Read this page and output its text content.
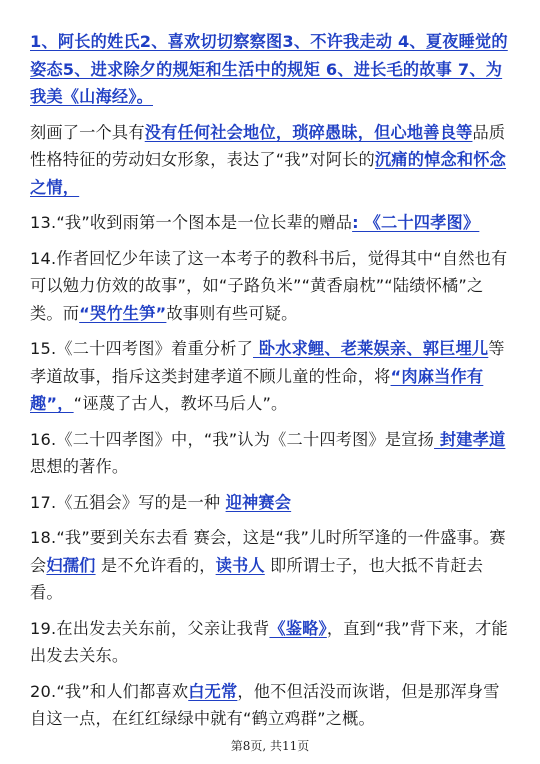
1、阿长的姓氏2、喜欢切切察察图3、不许我走动 4、夏夜睡觉的姿态5、进求除夕的规矩和生活中的规矩 6、进长毛的故事 7、为我美《山海经》。

刻画了一个具有没有任何社会地位，琐碎愚昧，但心地善良等品质性格特征的劳动妇女形象，表达了“我”对阿长的沉痛的悼念和怀念之情，

13.“我”收到雨第一个图本是一位长辈的赠品: 《二十四孝图》

14.作者回忆少年读了这一本考子的教科书后，觉得其中“自然也有可以勉力仿效的故事”，如“子路负米”“黄香扇枕”“陆绩怀橘”之类。而“哭竹生笋”故事则有些可疑。

15.《二十四考图》着重分析了 卧水求鲤、老莱娱亲、郭巨埋儿等孝道故事，指斥这类封建孝道不顾儿童的性命，将“肉麻当作有趣”，“诬蔑了古人，教坏马后人”。

16.《二十四孝图》中，“我”认为《二十四考图》是宣扬 封建孝道思想的著作。

17.《五猖会》写的是一种 迎神赛会

18.“我”要到关东去看 赛会，这是“我”儿时所罕逢的一件盛事。赛会妇孺们 是不允许看的，读书人 即所谓士子，也大抵不肯赶去看。

19.在出发去关东前，父亲让我背《鉴略》，直到“我”背下来，才能出发去关东。

20.“我”和人们都喜欢白无常，他不但活没而诙谐，但是那浑身雪自这一点，在红红绿绿中就有“鹤立鸡群”之概。

第8页, 共11页
